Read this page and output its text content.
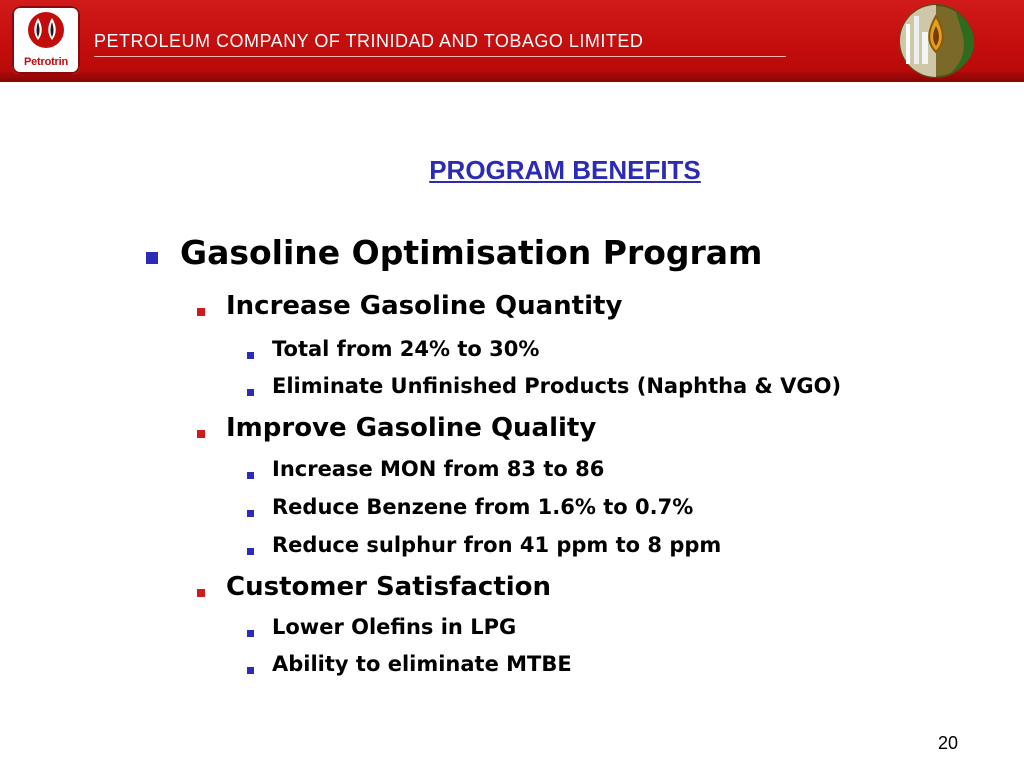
Petrotrin
PETROLEUM COMPANY OF TRINIDAD AND TOBAGO LIMITED
PROGRAM BENEFITS
Gasoline Optimisation Program
Increase Gasoline Quantity
Total from 24% to 30%
Eliminate Unfinished Products (Naphtha & VGO)
Improve Gasoline Quality
Increase MON from 83 to 86
Reduce Benzene from 1.6% to 0.7%
Reduce sulphur fron 41 ppm to 8 ppm
Customer Satisfaction
Lower Olefins in LPG
Ability to eliminate MTBE
20
